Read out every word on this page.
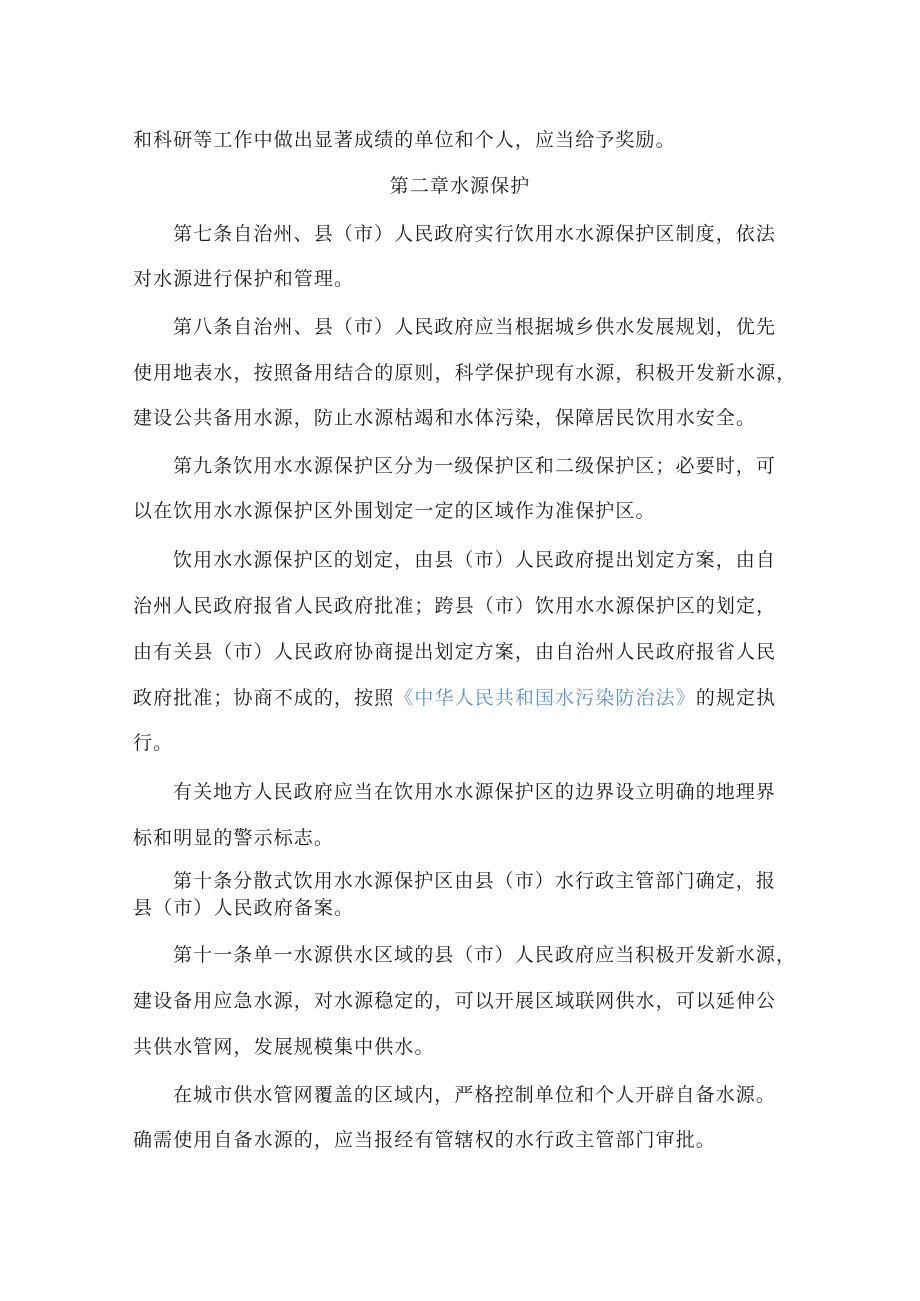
和科研等工作中做出显著成绩的单位和个人，应当给予奖励。
第二章水源保护
第七条自治州、县（市）人民政府实行饮用水水源保护区制度，依法
对水源进行保护和管理。
第八条自治州、县（市）人民政府应当根据城乡供水发展规划，优先
使用地表水，按照备用结合的原则，科学保护现有水源，积极开发新水源，
建设公共备用水源，防止水源枯竭和水体污染，保障居民饮用水安全。
第九条饮用水水源保护区分为一级保护区和二级保护区；必要时，可
以在饮用水水源保护区外围划定一定的区域作为准保护区。
饮用水水源保护区的划定，由县（市）人民政府提出划定方案，由自
治州人民政府报省人民政府批准；跨县（市）饮用水水源保护区的划定，
由有关县（市）人民政府协商提出划定方案，由自治州人民政府报省人民
政府批准；协商不成的，按照《中华人民共和国水污染防治法》的规定执
行。
有关地方人民政府应当在饮用水水源保护区的边界设立明确的地理界
标和明显的警示标志。
第十条分散式饮用水水源保护区由县（市）水行政主管部门确定，报
县（市）人民政府备案。
第十一条单一水源供水区域的县（市）人民政府应当积极开发新水源，
建设备用应急水源，对水源稳定的，可以开展区域联网供水，可以延伸公
共供水管网，发展规模集中供水。
在城市供水管网覆盖的区域内，严格控制单位和个人开辟自备水源。
确需使用自备水源的，应当报经有管辖权的水行政主管部门审批。
